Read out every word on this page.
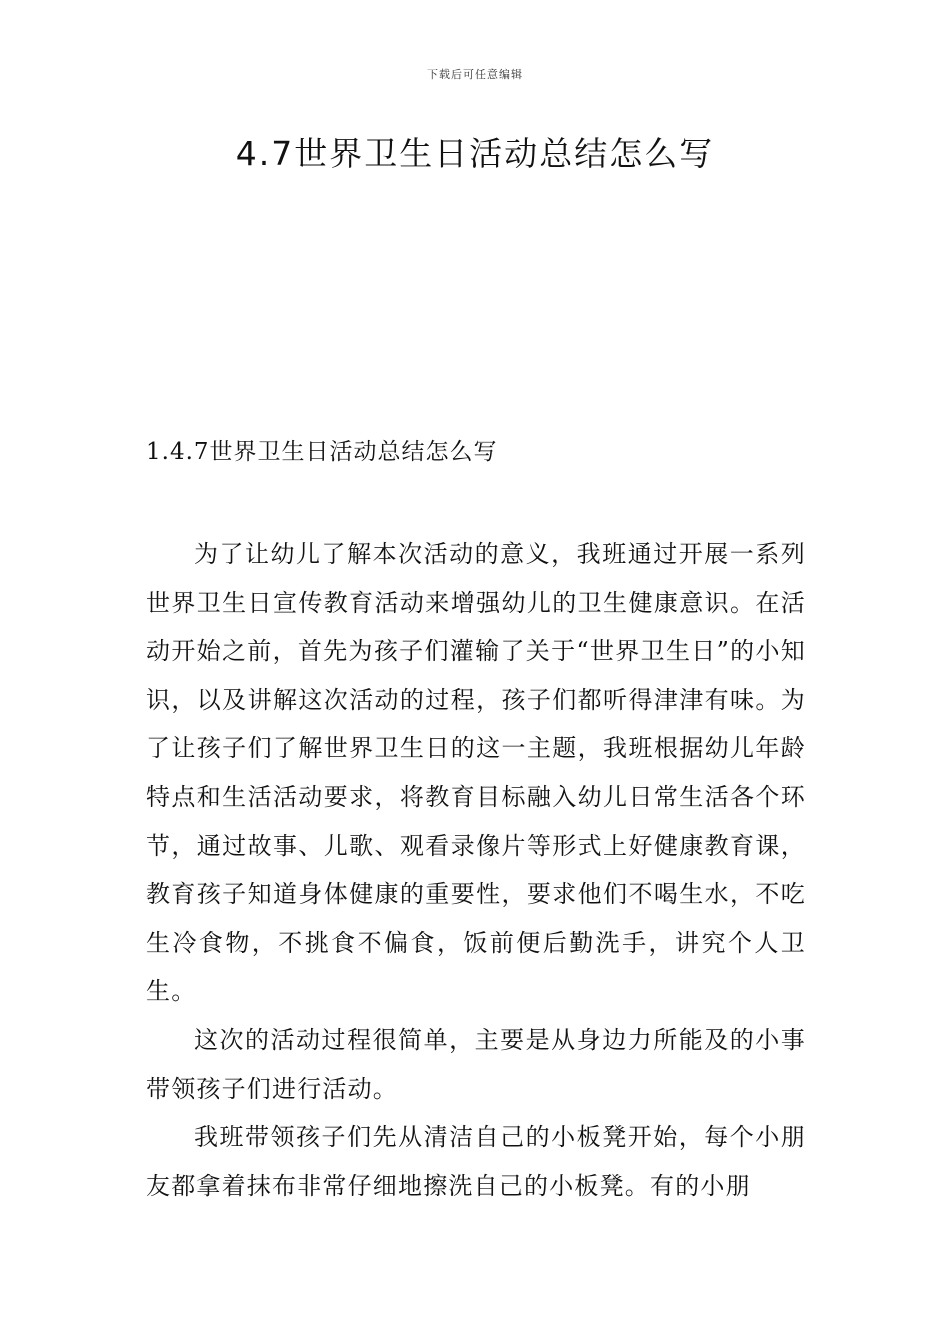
下载后可任意编辑
4.7世界卫生日活动总结怎么写
1.4.7世界卫生日活动总结怎么写

为了让幼儿了解本次活动的意义，我班通过开展一系列世界卫生日宣传教育活动来增强幼儿的卫生健康意识。在活动开始之前，首先为孩子们灌输了关于“世界卫生日”的小知识，以及讲解这次活动的过程，孩子们都听得津津有味。为了让孩子们了解世界卫生日的这一主题，我班根据幼儿年龄特点和生活活动要求，将教育目标融入幼儿日常生活各个环节，通过故事、儿歌、观看录像片等形式上好健康教育课，教育孩子知道身体健康的重要性，要求他们不喝生水，不吃生冷食物，不挑食不偏食，饭前便后勤洗手，讲究个人卫生。

这次的活动过程很简单，主要是从身边力所能及的小事带领孩子们进行活动。

我班带领孩子们先从清洁自己的小板凳开始，每个小朋友都拿着抹布非常仔细地擦洗自己的小板凳。有的小朋
